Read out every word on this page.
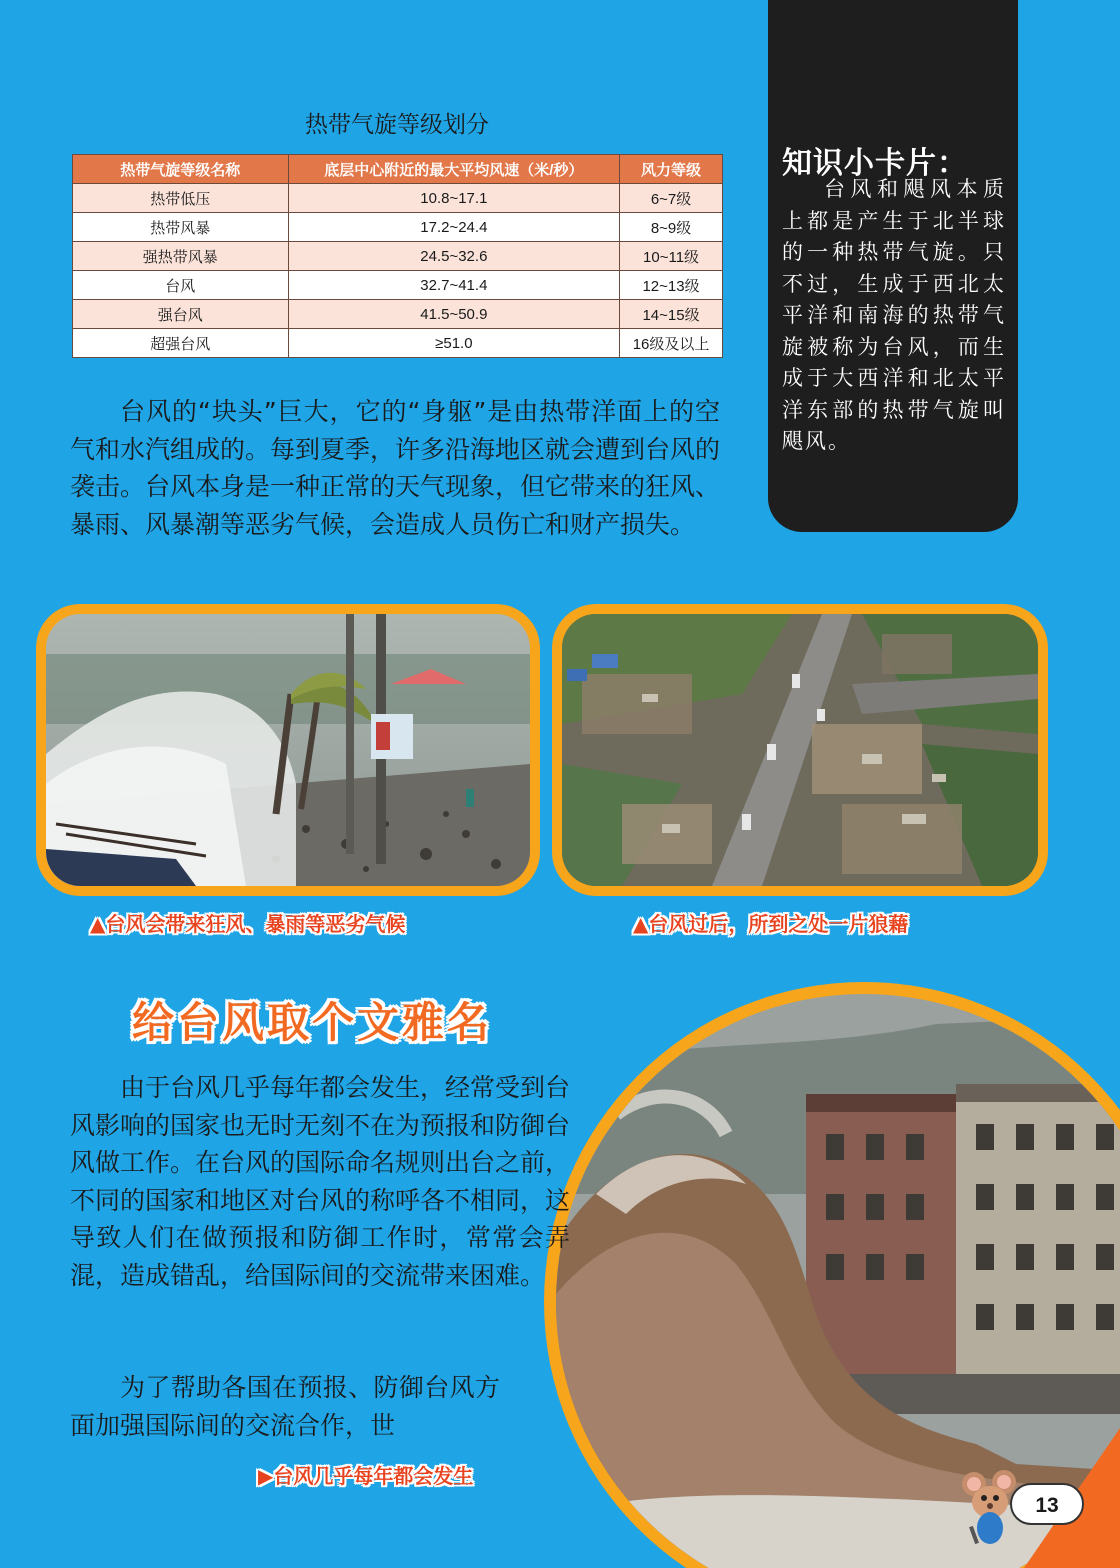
热带气旋等级划分
热带气旋等级名称	底层中心附近的最大平均风速（米/秒）	风力等级
热带低压	10.8~17.1	6~7级
热带风暴	17.2~24.4	8~9级
强热带风暴	24.5~32.6	10~11级
台风	32.7~41.4	12~13级
强台风	41.5~50.9	14~15级
超强台风	≥51.0	16级及以上
知识小卡片：
台风和飓风本质上都是产生于北半球的一种热带气旋。只不过，生成于西北太平洋和南海的热带气旋被称为台风，而生成于大西洋和北太平洋东部的热带气旋叫飓风。
台风的“块头”巨大，它的“身躯”是由热带洋面上的空气和水汽组成的。每到夏季，许多沿海地区就会遭到台风的袭击。台风本身是一种正常的天气现象，但它带来的狂风、暴雨、风暴潮等恶劣气候，会造成人员伤亡和财产损失。
▲台风会带来狂风、暴雨等恶劣气候	▲台风过后，所到之处一片狼藉
给台风取个文雅名
由于台风几乎每年都会发生，经常受到台风影响的国家也无时无刻不在为预报和防御台风做工作。在台风的国际命名规则出台之前，不同的国家和地区对台风的称呼各不相同，这导致人们在做预报和防御工作时，常常会弄混，造成错乱，给国际间的交流带来困难。
为了帮助各国在预报、防御台风方面加强国际间的交流合作，世
▶台风几乎每年都会发生
13
